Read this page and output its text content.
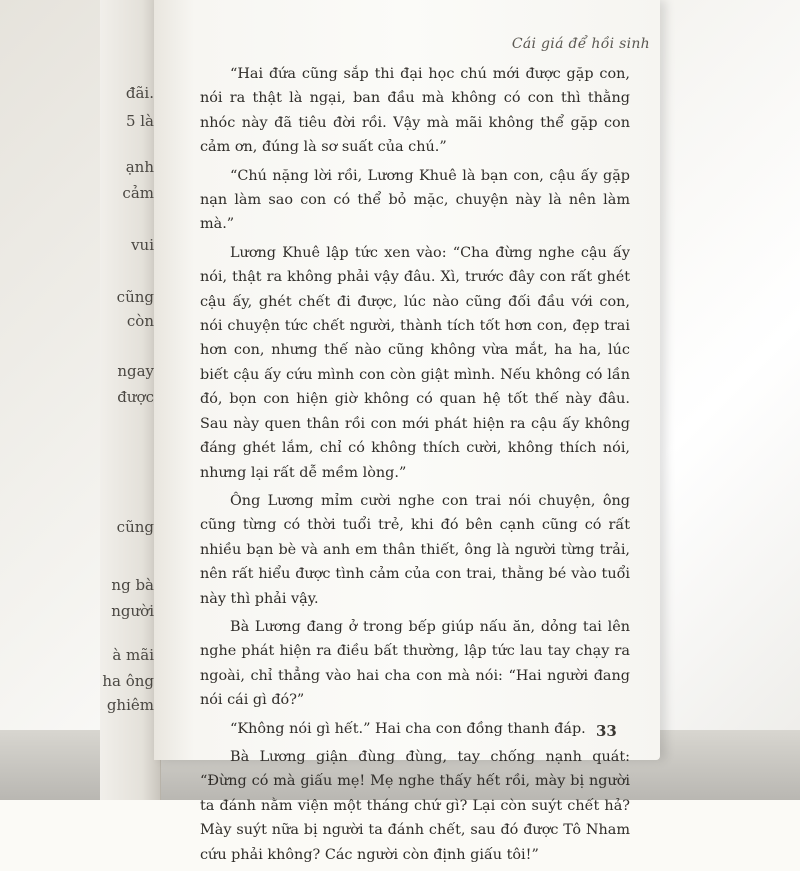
đãi.
5 là
ạnh
cảm
vui
cũng
còn
ngay
được
cũng
ng bà
người
à mãi
ha ông
ghiêm
Cái giá để hồi sinh

“Hai đứa cũng sắp thi đại học chú mới được gặp con, nói ra thật là ngại, ban đầu mà không có con thì thằng nhóc này đã tiêu đời rồi. Vậy mà mãi không thể gặp con cảm ơn, đúng là sơ suất của chú.”

“Chú nặng lời rồi, Lương Khuê là bạn con, cậu ấy gặp nạn làm sao con có thể bỏ mặc, chuyện này là nên làm mà.”

Lương Khuê lập tức xen vào: “Cha đừng nghe cậu ấy nói, thật ra không phải vậy đâu. Xì, trước đây con rất ghét cậu ấy, ghét chết đi được, lúc nào cũng đối đầu với con, nói chuyện tức chết người, thành tích tốt hơn con, đẹp trai hơn con, nhưng thế nào cũng không vừa mắt, ha ha, lúc biết cậu ấy cứu mình con còn giật mình. Nếu không có lần đó, bọn con hiện giờ không có quan hệ tốt thế này đâu. Sau này quen thân rồi con mới phát hiện ra cậu ấy không đáng ghét lắm, chỉ có không thích cười, không thích nói, nhưng lại rất dễ mềm lòng.”

Ông Lương mỉm cười nghe con trai nói chuyện, ông cũng từng có thời tuổi trẻ, khi đó bên cạnh cũng có rất nhiều bạn bè và anh em thân thiết, ông là người từng trải, nên rất hiểu được tình cảm của con trai, thằng bé vào tuổi này thì phải vậy.

Bà Lương đang ở trong bếp giúp nấu ăn, dỏng tai lên nghe phát hiện ra điều bất thường, lập tức lau tay chạy ra ngoài, chỉ thẳng vào hai cha con mà nói: “Hai người đang nói cái gì đó?”

“Không nói gì hết.” Hai cha con đồng thanh đáp.

Bà Lương giận đùng đùng, tay chống nạnh quát: “Đừng có mà giấu mẹ! Mẹ nghe thấy hết rồi, mày bị người ta đánh nằm viện một tháng chứ gì? Lại còn suýt chết hả? Mày suýt nữa bị người ta đánh chết, sau đó được Tô Nham cứu phải không? Các người còn định giấu tôi!”

33
